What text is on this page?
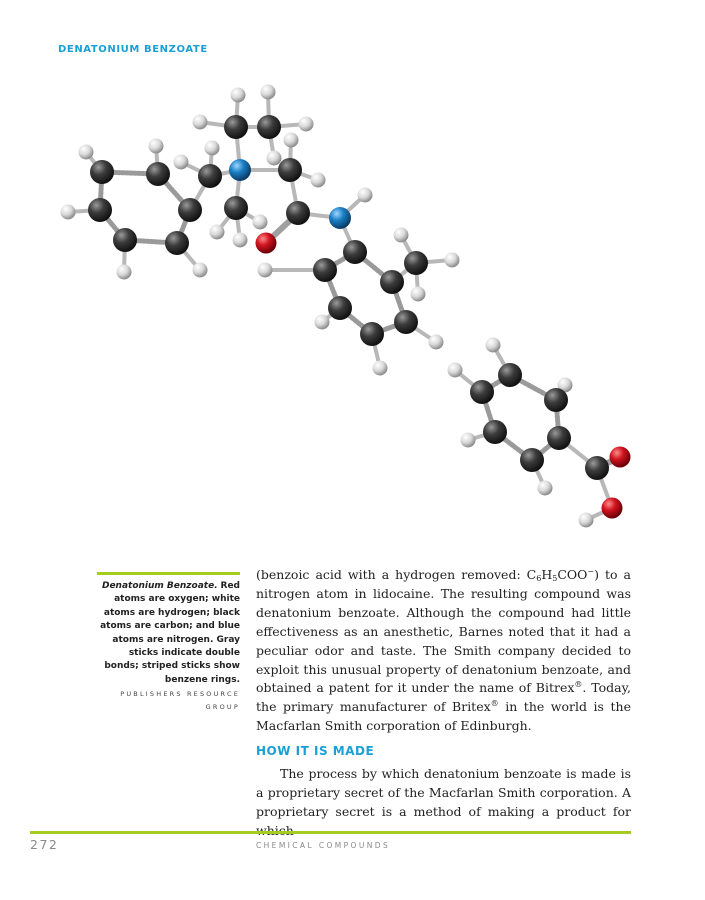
DENATONIUM BENZOATE
Denatonium Benzoate. Red atoms are oxygen; white atoms are hydrogen; black atoms are carbon; and blue atoms are nitrogen. Gray sticks indicate double bonds; striped sticks show benzene rings.
PUBLISHERS RESOURCE GROUP

(benzoic acid with a hydrogen removed: $C_6H_5COO^-$) to a nitrogen atom in lidocaine. The resulting compound was denatonium benzoate. Although the compound had little effectiveness as an anesthetic, Barnes noted that it had a peculiar odor and taste. The Smith company decided to exploit this unusual property of denatonium benzoate, and obtained a patent for it under the name of Bitrex®. Today, the primary manufacturer of Britex® in the world is the Macfarlan Smith corporation of Edinburgh.

HOW IT IS MADE

The process by which denatonium benzoate is made is a proprietary secret of the Macfarlan Smith corporation. A proprietary secret is a method of making a product for

272	CHEMICAL COMPOUNDS
